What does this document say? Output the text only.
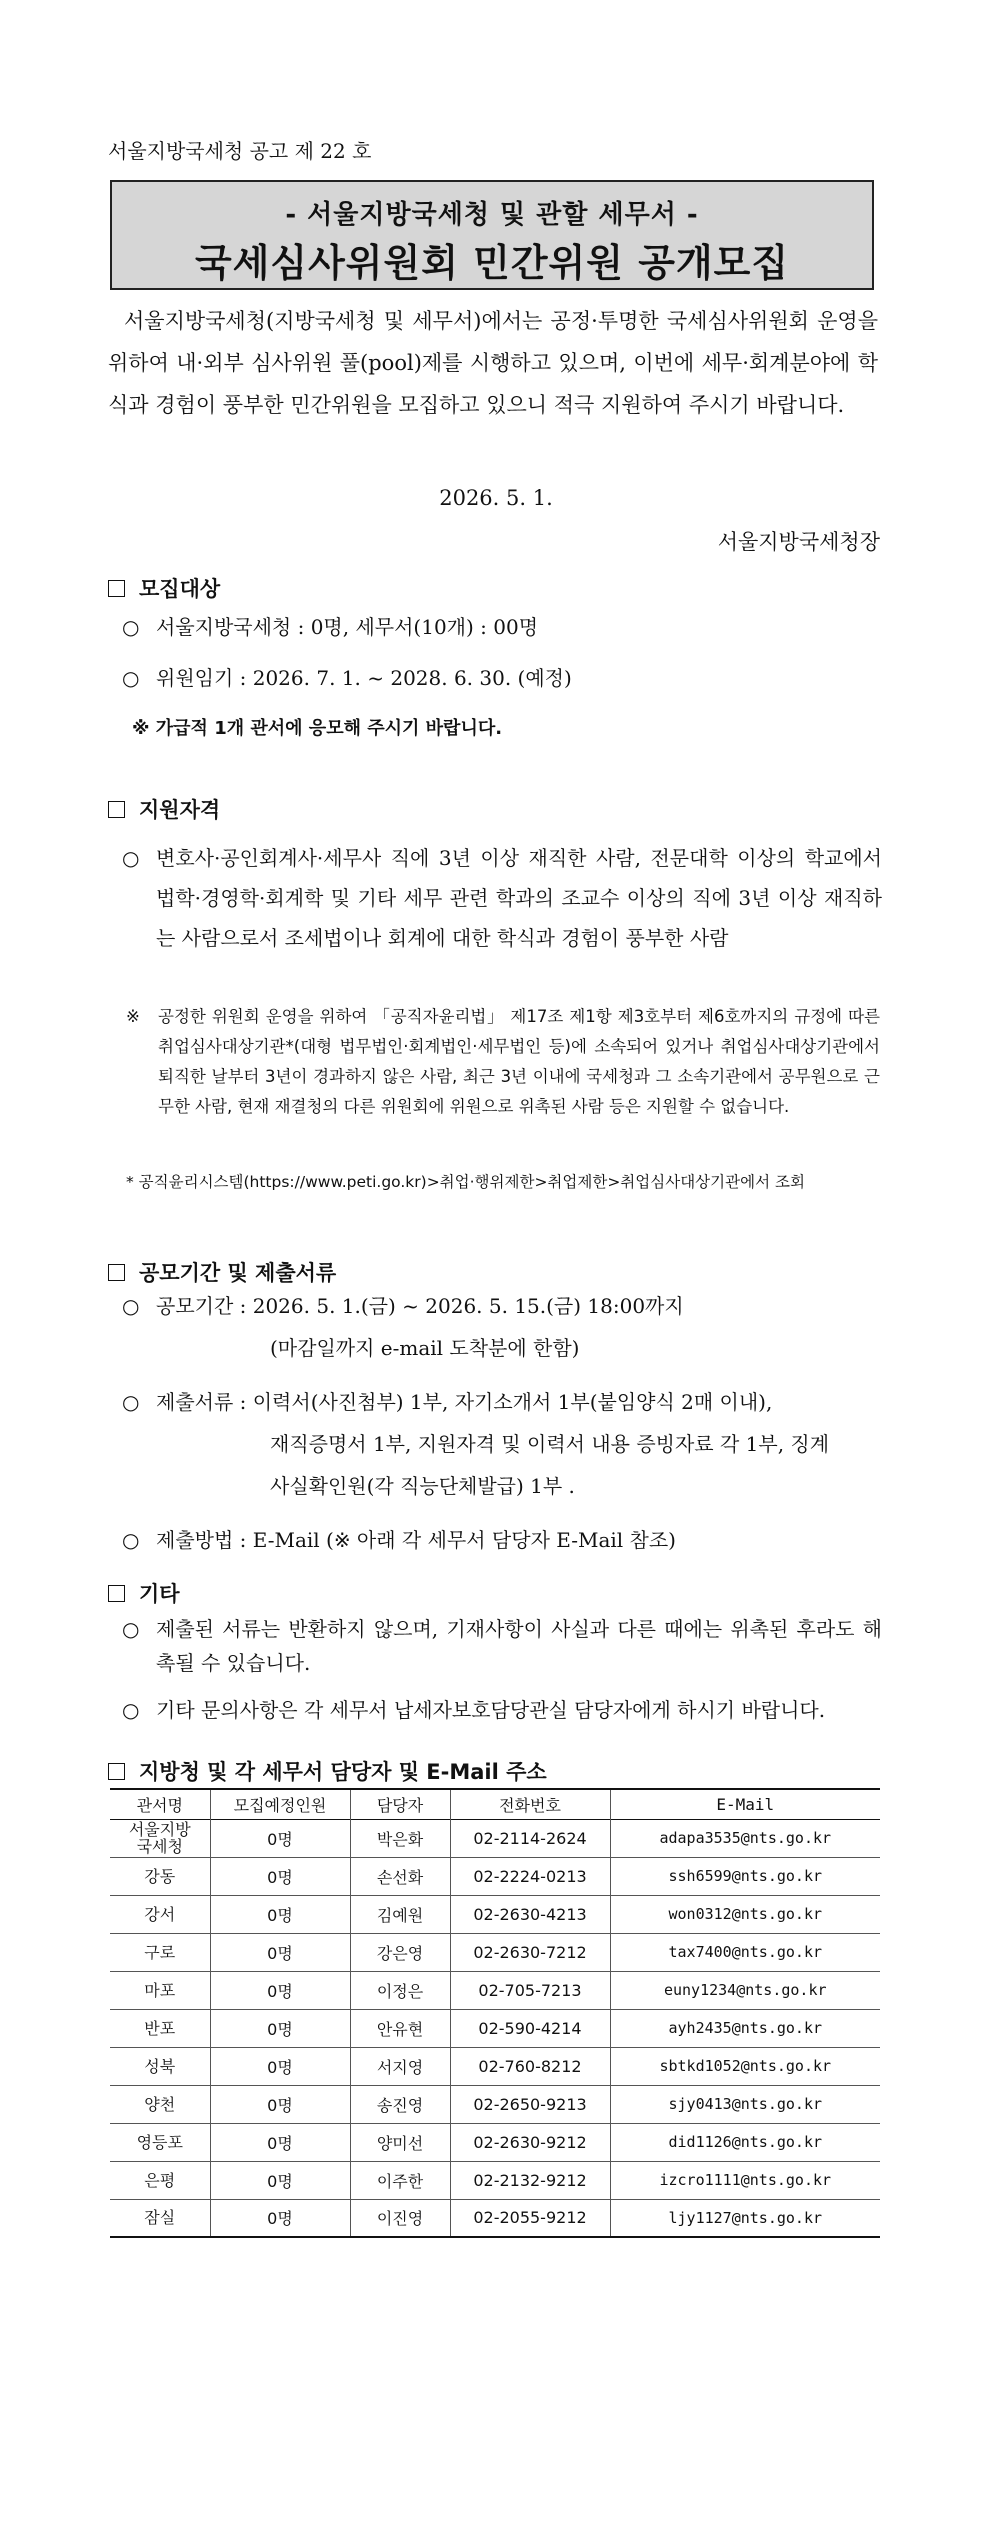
서울지방국세청 공고 제 22 호
- 서울지방국세청 및 관할 세무서 -
국세심사위원회 민간위원 공개모집
서울지방국세청(지방국세청 및 세무서)에서는 공정·투명한 국세심사위원회 운영을 위하여 내·외부 심사위원 풀(pool)제를 시행하고 있으며, 이번에 세무·회계분야에 학식과 경험이 풍부한 민간위원을 모집하고 있으니 적극 지원하여 주시기 바랍니다.
2026. 5. 1.
서울지방국세청장
모집대상
○ 서울지방국세청 : 0명, 세무서(10개) : 00명
○ 위원임기 : 2026. 7. 1. ~ 2028. 6. 30. (예정)
※ 가급적 1개 관서에 응모해 주시기 바랍니다.
지원자격
○ 변호사·공인회계사·세무사 직에 3년 이상 재직한 사람, 전문대학 이상의 학교에서 법학·경영학·회계학 및 기타 세무 관련 학과의 조교수 이상의 직에 3년 이상 재직하는 사람으로서 조세법이나 회계에 대한 학식과 경험이 풍부한 사람
※	공정한 위원회 운영을 위하여 「공직자윤리법」 제17조 제1항 제3호부터 제6호까지의 규정에 따른 취업심사대상기관*(대형 법무법인·회계법인·세무법인 등)에 소속되어 있거나 취업심사대상기관에서 퇴직한 날부터 3년이 경과하지 않은 사람, 최근 3년 이내에 국세청과 그 소속기관에서 공무원으로 근무한 사람, 현재 재결청의 다른 위원회에 위원으로 위촉된 사람 등은 지원할 수 없습니다.
* 공직윤리시스템(https://www.peti.go.kr)>취업·행위제한>취업제한>취업심사대상기관에서 조회
공모기간 및 제출서류
○ 공모기간 : 2026. 5. 1.(금) ~ 2026. 5. 15.(금) 18:00까지
(마감일까지 e-mail 도착분에 한함)
○ 제출서류 : 이력서(사진첨부) 1부, 자기소개서 1부(붙임양식 2매 이내),
재직증명서 1부, 지원자격 및 이력서 내용 증빙자료 각 1부, 징계
사실확인원(각 직능단체발급) 1부 .
○ 제출방법 : E-Mail (※ 아래 각 세무서 담당자 E-Mail 참조)
기타
○ 제출된 서류는 반환하지 않으며, 기재사항이 사실과 다른 때에는 위촉된 후라도 해촉될 수 있습니다.
○ 기타 문의사항은 각 세무서 납세자보호담당관실 담당자에게 하시기 바랍니다.
지방청 및 각 세무서 담당자 및 E-Mail 주소
관서명	모집예정인원	담당자	전화번호	E-Mail
서울지방
국세청	0명	박은화	02-2114-2624	adapa3535@nts.go.kr
강동	0명	손선화	02-2224-0213	ssh6599@nts.go.kr
강서	0명	김예원	02-2630-4213	won0312@nts.go.kr
구로	0명	강은영	02-2630-7212	tax7400@nts.go.kr
마포	0명	이정은	02-705-7213	euny1234@nts.go.kr
반포	0명	안유현	02-590-4214	ayh2435@nts.go.kr
성북	0명	서지영	02-760-8212	sbtkd1052@nts.go.kr
양천	0명	송진영	02-2650-9213	sjy0413@nts.go.kr
영등포	0명	양미선	02-2630-9212	did1126@nts.go.kr
은평	0명	이주한	02-2132-9212	izcro1111@nts.go.kr
잠실	0명	이진영	02-2055-9212	ljy1127@nts.go.kr
